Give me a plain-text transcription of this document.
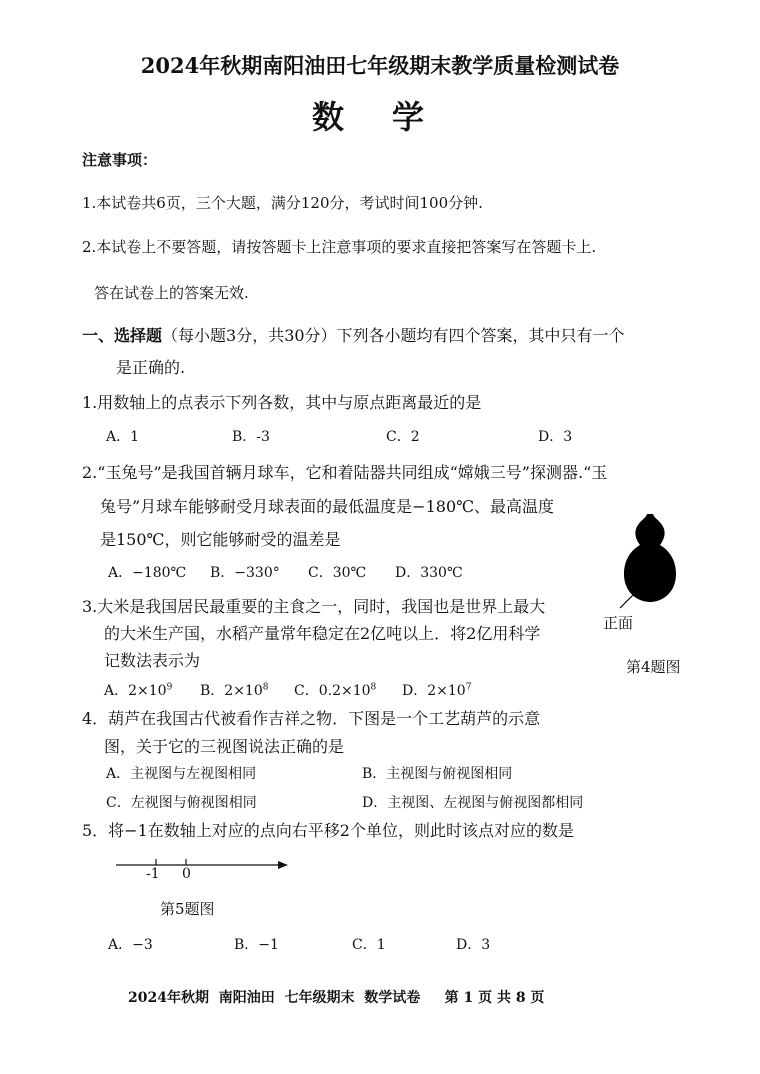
2024年秋期南阳油田七年级期末教学质量检测试卷
数学
注意事项：
1.本试卷共6页，三个大题，满分120分，考试时间100分钟.
2.本试卷上不要答题，请按答题卡上注意事项的要求直接把答案写在答题卡上.
答在试卷上的答案无效.
一、选择题（每小题3分，共30分）下列各小题均有四个答案，其中只有一个
是正确的.
1.用数轴上的点表示下列各数，其中与原点距离最近的是
A．1	B．-3	C．2	D．3
2.“玉兔号”是我国首辆月球车，它和着陆器共同组成“嫦娥三号”探测器.“玉
兔号”月球车能够耐受月球表面的最低温度是−180℃、最高温度
是150℃，则它能够耐受的温差是
A．−180℃ B．−330° C．30℃ D．330℃
3.大米是我国居民最重要的主食之一，同时，我国也是世界上最大
的大米生产国，水稻产量常年稳定在2亿吨以上．将2亿用科学
记数法表示为
A．$2\times 10^9$ B．$2\times 10^8$ C．$0.2\times 10^8$ D．$2\times 10^7$
4．葫芦在我国古代被看作吉祥之物．下图是一个工艺葫芦的示意
图，关于它的三视图说法正确的是
A．主视图与左视图相同	B．主视图与俯视图相同
C．左视图与俯视图相同	D．主视图、左视图与俯视图都相同
5．将−1在数轴上对应的点向右平移2个单位，则此时该点对应的数是
-1 0
第5题图
A．−3	B．−1	C．1	D．3
正面
第4题图
2024年秋期  南阳油田  七年级期末  数学试卷     第 1 页 共 8 页
